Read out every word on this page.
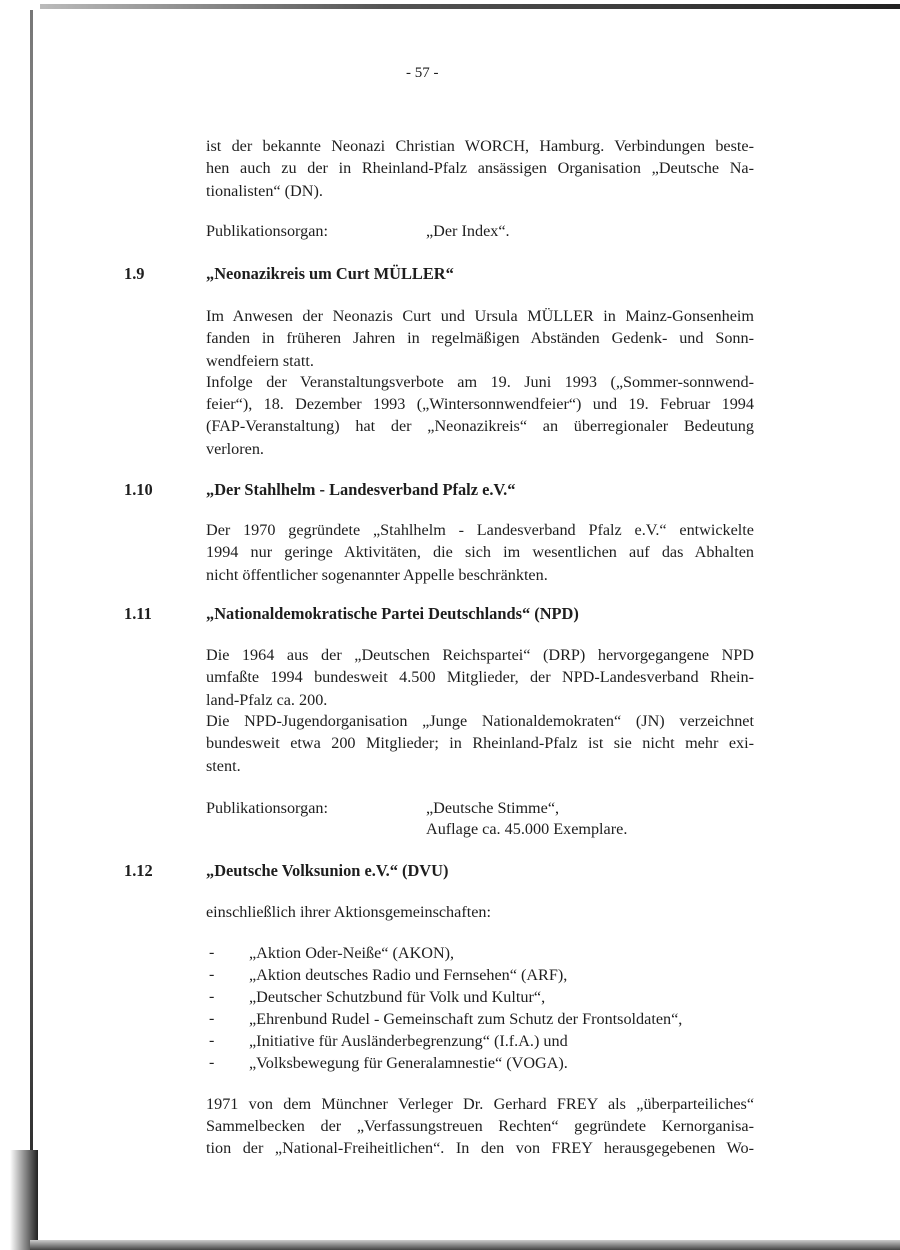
- 57 -
ist der bekannte Neonazi Christian WORCH, Hamburg. Verbindungen beste-
hen auch zu der in Rheinland-Pfalz ansässigen Organisation „Deutsche Na-
tionalisten“ (DN).
Publikationsorgan:	„Der Index“.
1.9	„Neonazikreis um Curt MÜLLER“
Im Anwesen der Neonazis Curt und Ursula MÜLLER in Mainz-Gonsenheim
fanden in früheren Jahren in regelmäßigen Abständen Gedenk- und Sonn-
wendfeiern statt.
Infolge der Veranstaltungsverbote am 19. Juni 1993 („Sommer-sonnwend-
feier“), 18. Dezember 1993 („Wintersonnwendfeier“) und 19. Februar 1994
(FAP-Veranstaltung) hat der „Neonazikreis“ an überregionaler Bedeutung
verloren.
1.10	„Der Stahlhelm - Landesverband Pfalz e.V.“
Der 1970 gegründete „Stahlhelm - Landesverband Pfalz e.V.“ entwickelte
1994 nur geringe Aktivitäten, die sich im wesentlichen auf das Abhalten
nicht öffentlicher sogenannter Appelle beschränkten.
1.11	„Nationaldemokratische Partei Deutschlands“ (NPD)
Die 1964 aus der „Deutschen Reichspartei“ (DRP) hervorgegangene NPD
umfaßte 1994 bundesweit 4.500 Mitglieder, der NPD-Landesverband Rhein-
land-Pfalz ca. 200.
Die NPD-Jugendorganisation „Junge Nationaldemokraten“ (JN) verzeichnet
bundesweit etwa 200 Mitglieder; in Rheinland-Pfalz ist sie nicht mehr exi-
stent.
Publikationsorgan:	„Deutsche Stimme“,
Auflage ca. 45.000 Exemplare.
1.12	„Deutsche Volksunion e.V.“ (DVU)
einschließlich ihrer Aktionsgemeinschaften:
- „Aktion Oder-Neiße“ (AKON),
- „Aktion deutsches Radio und Fernsehen“ (ARF),
- „Deutscher Schutzbund für Volk und Kultur“,
- „Ehrenbund Rudel - Gemeinschaft zum Schutz der Frontsoldaten“,
- „Initiative für Ausländerbegrenzung“ (I.f.A.) und
- „Volksbewegung für Generalamnestie“ (VOGA).
1971 von dem Münchner Verleger Dr. Gerhard FREY als „überparteiliches“
Sammelbecken der „Verfassungstreuen Rechten“ gegründete Kernorganisa-
tion der „National-Freiheitlichen“. In den von FREY herausgegebenen Wo-
